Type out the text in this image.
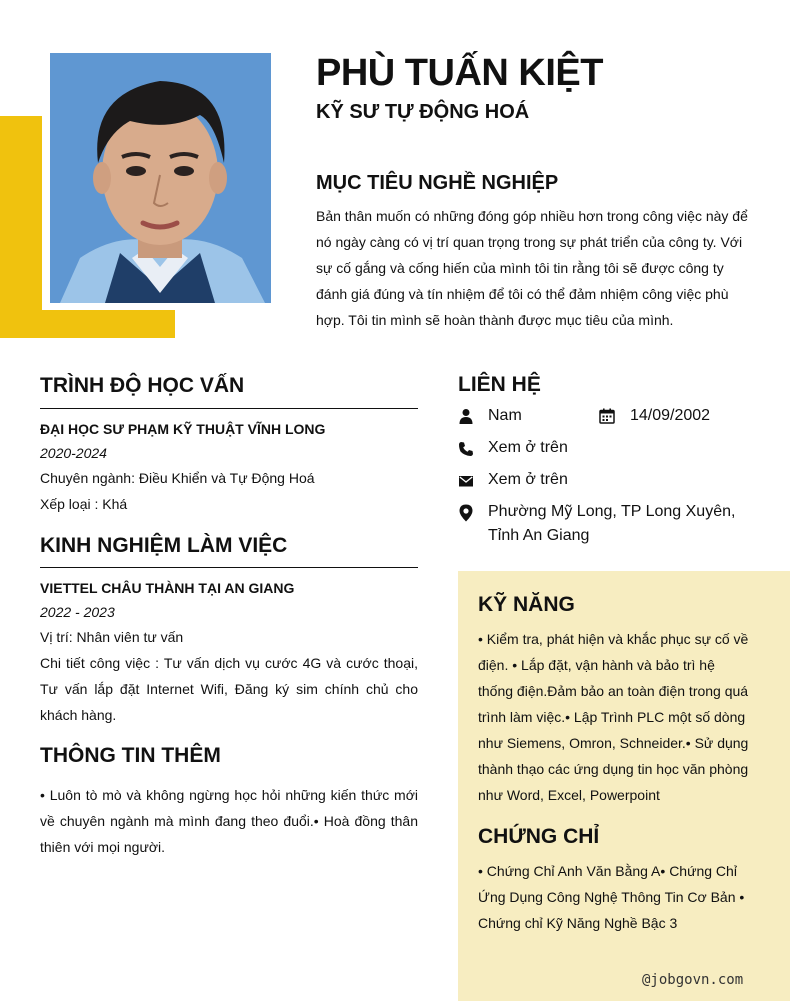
PHÙ TUẤN KIỆT
KỸ SƯ TỰ ĐỘNG HOÁ
MỤC TIÊU NGHỀ NGHIỆP
Bản thân muốn có những đóng góp nhiều hơn trong công việc này để nó ngày càng có vị trí quan trọng trong sự phát triển của công ty. Với sự cố gắng và cống hiến của mình tôi tin rằng tôi sẽ được công ty đánh giá đúng và tín nhiệm để tôi có thể đảm nhiệm công việc phù hợp. Tôi tin mình sẽ hoàn thành được mục tiêu của mình.
TRÌNH ĐỘ HỌC VẤN
ĐẠI HỌC SƯ PHẠM KỸ THUẬT VĨNH LONG
2020-2024
Chuyên ngành: Điều Khiển và Tự Động Hoá
Xếp loại : Khá
KINH NGHIỆM LÀM VIỆC
VIETTEL CHÂU THÀNH TẠI AN GIANG
2022 - 2023
Vị trí: Nhân viên tư vấn
Chi tiết công việc : Tư vấn dịch vụ cước 4G và cước thoại, Tư vấn lắp đặt Internet Wifi, Đăng ký sim chính chủ cho khách hàng.
THÔNG TIN THÊM
• Luôn tò mò và không ngừng học hỏi những kiến thức mới về chuyên ngành mà mình đang theo đuổi.• Hoà đồng thân thiên với mọi người.
LIÊN HỆ
Nam	14/09/2002
Xem ở trên
Xem ở trên
Phường Mỹ Long, TP Long Xuyên, Tỉnh An Giang
KỸ NĂNG
• Kiểm tra, phát hiện và khắc phục sự cố về điện. • Lắp đặt, vận hành và bảo trì hệ thống điện.Đảm bảo an toàn điện trong quá trình làm việc.• Lập Trình PLC một số dòng như Siemens, Omron, Schneider.• Sử dụng thành thạo các ứng dụng tin học văn phòng như Word, Excel, Powerpoint
CHỨNG CHỈ
• Chứng Chỉ Anh Văn Bằng A• Chứng Chỉ Ứng Dụng Công Nghệ Thông Tin Cơ Bản • Chứng chỉ Kỹ Năng Nghề Bậc 3
@jobgovn.com
